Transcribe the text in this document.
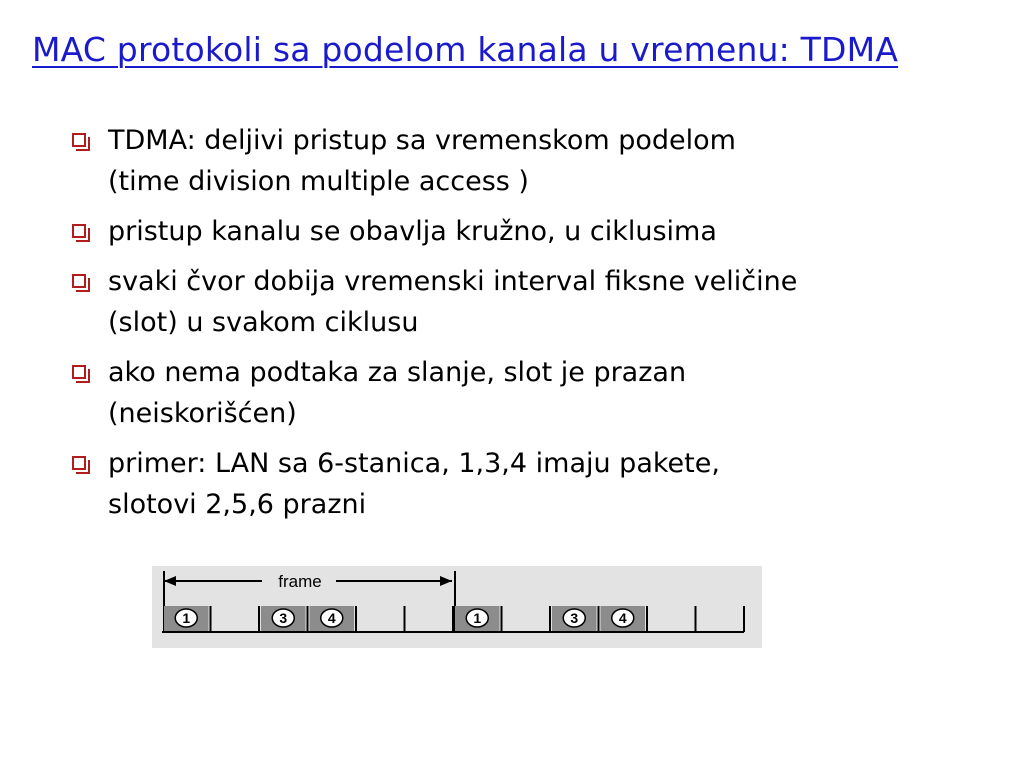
MAC protokoli sa podelom kanala u vremenu: TDMA
TDMA: deljivi pristup sa vremenskom podelom
(time division multiple access )
pristup kanalu se obavlja kružno, u ciklusima
svaki čvor dobija vremenski interval fiksne veličine
(slot) u svakom ciklusu
ako nema podtaka za slanje, slot je prazan
(neiskorišćen)
primer: LAN sa 6-stanica, 1,3,4 imaju pakete,
slotovi 2,5,6 prazni
frame
1	3	4	1	3	4
